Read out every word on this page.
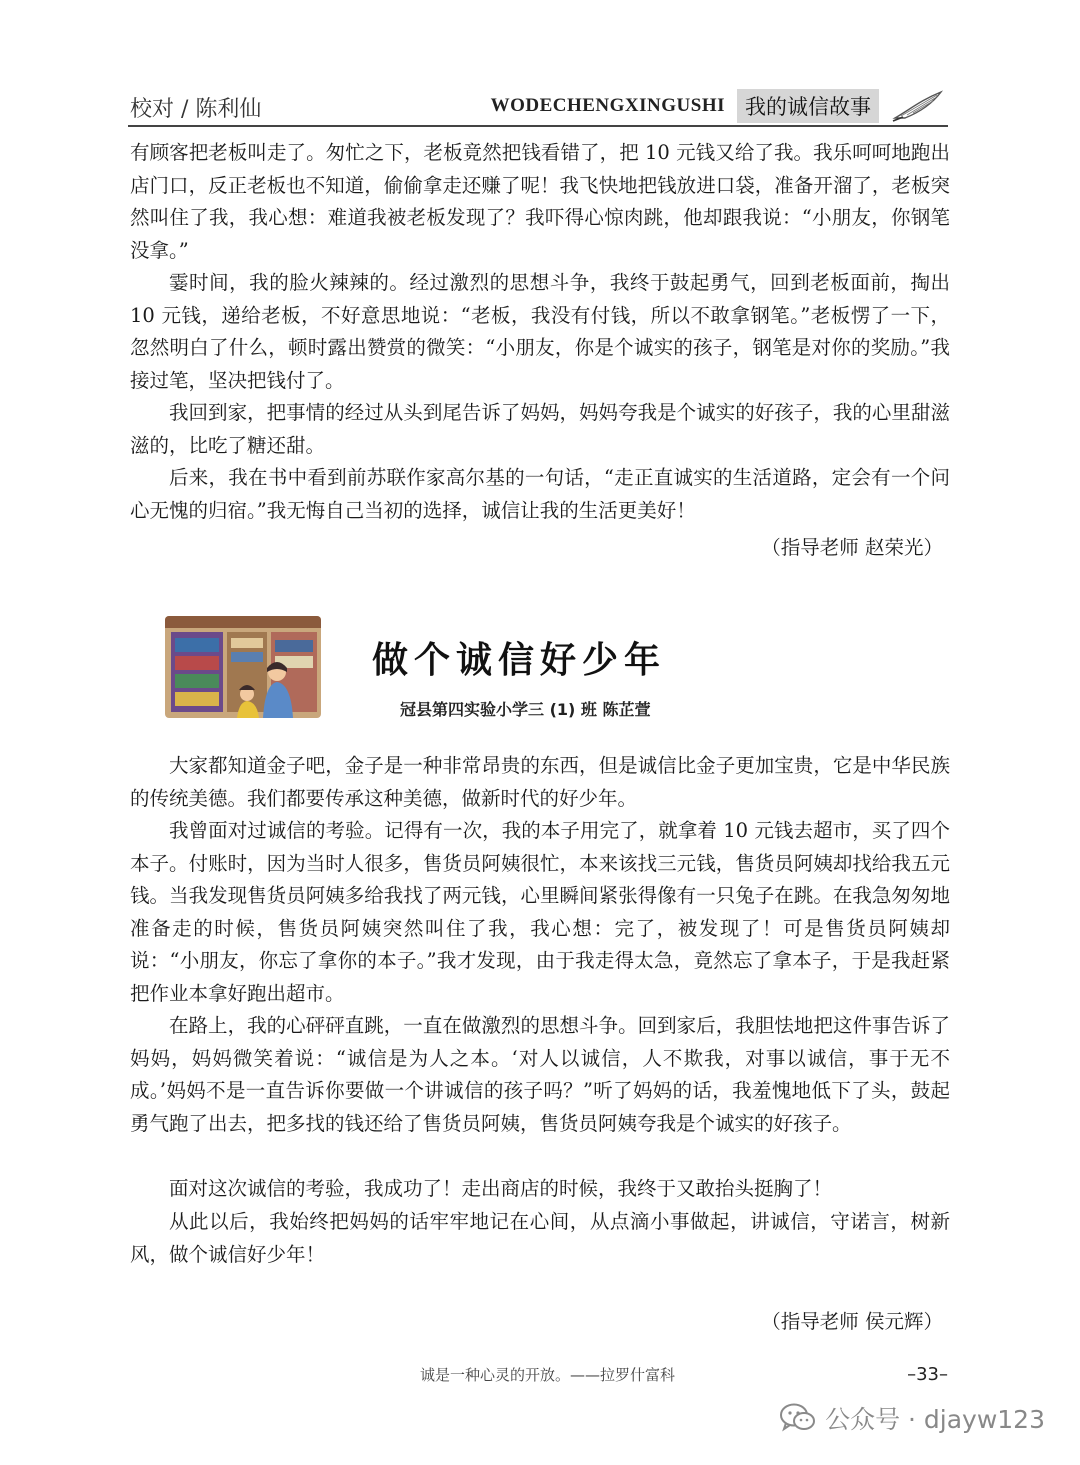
校对 / 陈利仙	WODECHENGXINGUSHI 我的诚信故事

有顾客把老板叫走了。匆忙之下，老板竟然把钱看错了，把 10 元钱又给了我。我乐呵呵地跑出店门口，反正老板也不知道，偷偷拿走还赚了呢！我飞快地把钱放进口袋，准备开溜了，老板突然叫住了我，我心想：难道我被老板发现了？我吓得心惊肉跳，他却跟我说：“小朋友，你钢笔没拿。”

霎时间，我的脸火辣辣的。经过激烈的思想斗争，我终于鼓起勇气，回到老板面前，掏出 10 元钱，递给老板，不好意思地说：“老板，我没有付钱，所以不敢拿钢笔。”老板愣了一下，忽然明白了什么，顿时露出赞赏的微笑：“小朋友，你是个诚实的孩子，钢笔是对你的奖励。”我接过笔，坚决把钱付了。

我回到家，把事情的经过从头到尾告诉了妈妈，妈妈夸我是个诚实的好孩子，我的心里甜滋滋的，比吃了糖还甜。

后来，我在书中看到前苏联作家高尔基的一句话，“走正直诚实的生活道路，定会有一个问心无愧的归宿。”我无悔自己当初的选择，诚信让我的生活更美好！

（指导老师 赵荣光）

做个诚信好少年

冠县第四实验小学三 (1) 班 陈芷萱

大家都知道金子吧，金子是一种非常昂贵的东西，但是诚信比金子更加宝贵，它是中华民族的传统美德。我们都要传承这种美德，做新时代的好少年。

我曾面对过诚信的考验。记得有一次，我的本子用完了，就拿着 10 元钱去超市，买了四个本子。付账时，因为当时人很多，售货员阿姨很忙，本来该找三元钱，售货员阿姨却找给我五元钱。当我发现售货员阿姨多给我找了两元钱，心里瞬间紧张得像有一只兔子在跳。在我急匆匆地准备走的时候，售货员阿姨突然叫住了我，我心想：完了，被发现了！可是售货员阿姨却说：“小朋友，你忘了拿你的本子。”我才发现，由于我走得太急，竟然忘了拿本子，于是我赶紧把作业本拿好跑出超市。

在路上，我的心砰砰直跳，一直在做激烈的思想斗争。回到家后，我胆怯地把这件事告诉了妈妈，妈妈微笑着说：“诚信是为人之本。‘对人以诚信，人不欺我，对事以诚信，事于无不成。’妈妈不是一直告诉你要做一个讲诚信的孩子吗？”听了妈妈的话，我羞愧地低下了头，鼓起勇气跑了出去，把多找的钱还给了售货员阿姨，售货员阿姨夸我是个诚实的好孩子。

面对这次诚信的考验，我成功了！走出商店的时候，我终于又敢抬头挺胸了！

从此以后，我始终把妈妈的话牢牢地记在心间，从点滴小事做起，讲诚信，守诺言，树新风，做个诚信好少年！

（指导老师 侯元辉）

诚是一种心灵的开放。——拉罗什富科	–33–
公众号 · djayw123
